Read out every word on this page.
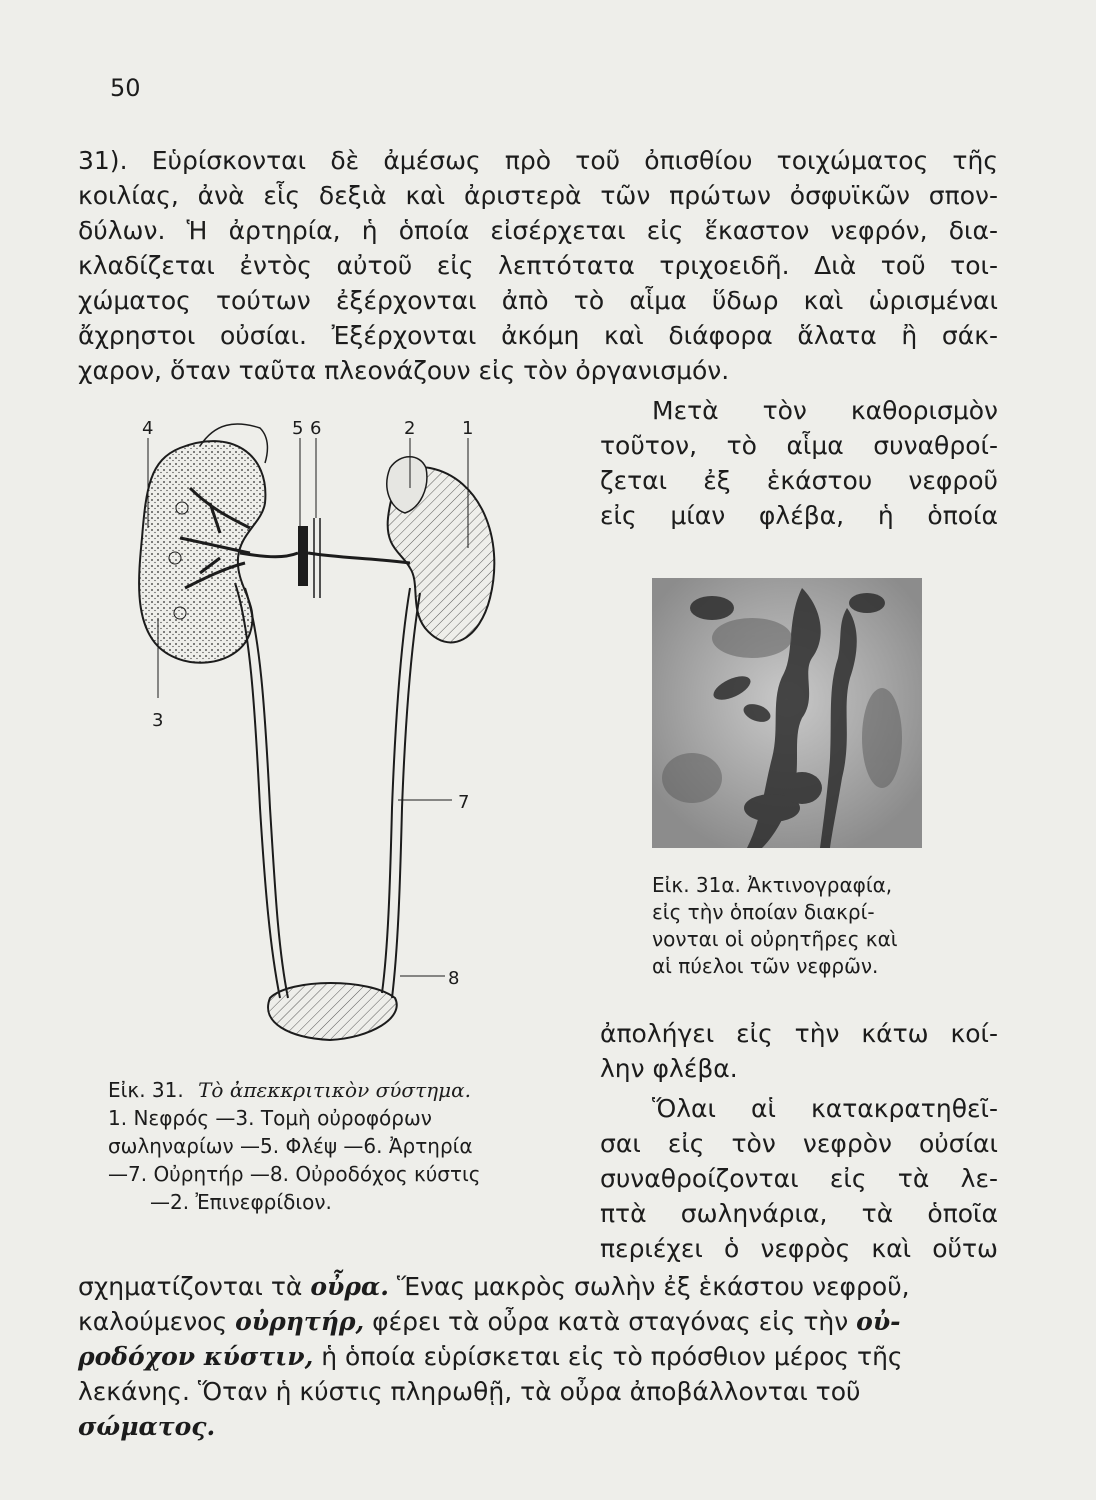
50
31). Εὑρίσκονται δὲ ἀμέσως πρὸ τοῦ ὀπισθίου τοιχώματος τῆς
κοιλίας, ἀνὰ εἷς δεξιὰ καὶ ἀριστερὰ τῶν πρώτων ὀσφυϊκῶν σπον-
δύλων. Ἡ ἀρτηρία, ἡ ὁποία εἰσέρχεται εἰς ἕκαστον νεφρόν, δια-
κλαδίζεται ἐντὸς αὐτοῦ εἰς λεπτότατα τριχοειδῆ. Διὰ τοῦ τοι-
χώματος τούτων ἐξέρχονται ἀπὸ τὸ αἷμα ὕδωρ καὶ ὡρισμέναι
ἄχρηστοι οὐσίαι. Ἐξέρχονται ἀκόμη καὶ διάφορα ἅλατα ἢ σάκ-
χαρον, ὅταν ταῦτα πλεονάζουν εἰς τὸν ὀργανισμόν.
Μετὰ τὸν καθορισμὸν
τοῦτον, τὸ αἷμα συναθροί-
ζεται ἐξ ἑκάστου νεφροῦ
εἰς μίαν φλέβα, ἡ ὁποία
Εἰκ. 31α. Ἀκτινογραφία,
εἰς τὴν ὁποίαν διακρί-
νονται οἱ οὐρητῆρες καὶ
αἱ πύελοι τῶν νεφρῶν.
ἀπολήγει εἰς τὴν κάτω κοί-
λην φλέβα.
Ὅλαι αἱ κατακρατηθεῖ-
σαι εἰς τὸν νεφρὸν οὐσίαι
συναθροίζονται εἰς τὰ λε-
πτὰ σωληνάρια, τὰ ὁποῖα
περιέχει ὁ νεφρὸς καὶ οὕτω
4	5 6	2	1
3
7
8
Εἰκ. 31. Τὸ ἀπεκκριτικὸν σύστημα.
1. Νεφρός —3. Τομὴ οὐροφόρων
σωληναρίων —5. Φλέψ —6. Ἀρτηρία
—7. Οὐρητήρ —8. Οὐροδόχος κύστις
—2. Ἐπινεφρίδιον.
σχηματίζονται τὰ οὖρα. Ἕνας μακρὸς σωλὴν ἐξ ἑκάστου νεφροῦ,
καλούμενος οὐρητήρ, φέρει τὰ οὖρα κατὰ σταγόνας εἰς τὴν οὐ-
ροδόχον κύστιν, ἡ ὁποία εὑρίσκεται εἰς τὸ πρόσθιον μέρος τῆς
λεκάνης. Ὅταν ἡ κύστις πληρωθῇ, τὰ οὖρα ἀποβάλλονται τοῦ
σώματος.
